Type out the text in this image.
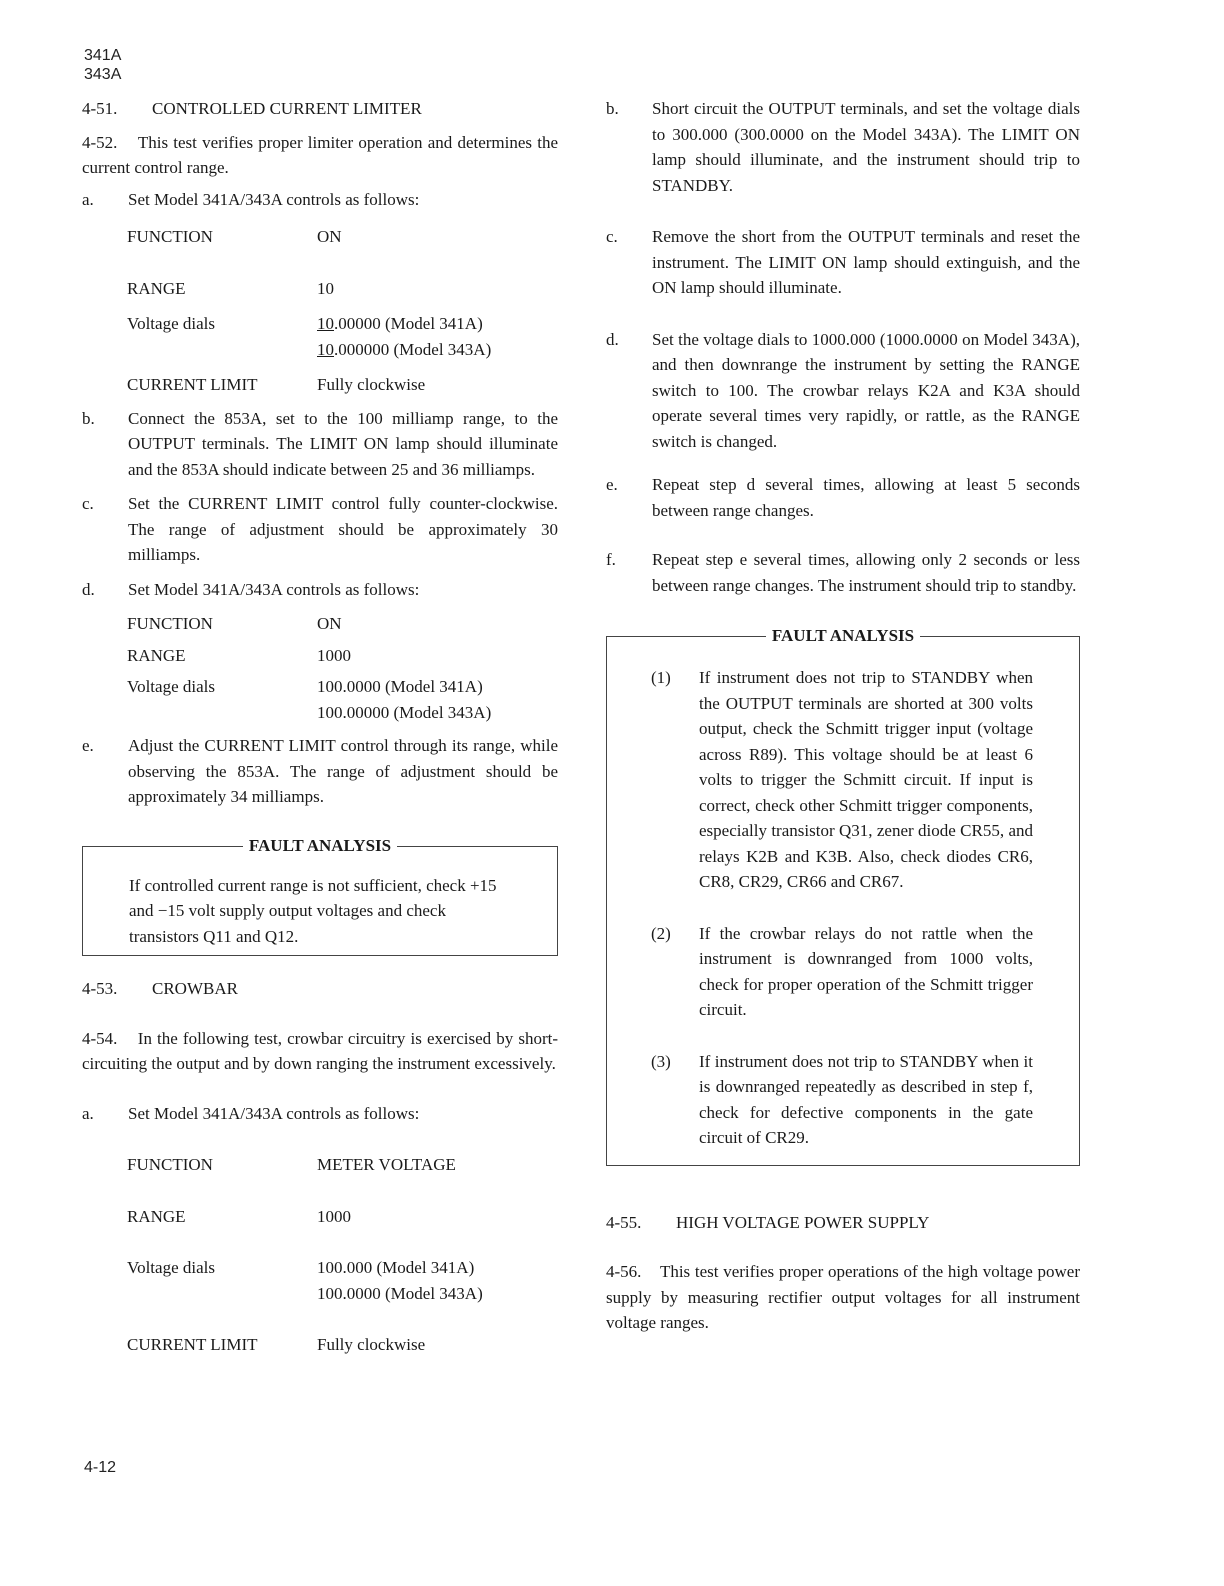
341A
343A
4-51.	CONTROLLED CURRENT LIMITER
4-52.    This test verifies proper limiter operation and determines the current control range.
a.	Set Model 341A/343A controls as follows:
FUNCTION	ON
RANGE	10
Voltage dials	10.00000 (Model 341A)
10.000000 (Model 343A)
CURRENT LIMIT	Fully clockwise
b.	Connect the 853A, set to the 100 milliamp range, to the OUTPUT terminals. The LIMIT ON lamp should illuminate and the 853A should indicate between 25 and 36 milliamps.
c.	Set the CURRENT LIMIT control fully counter-clockwise. The range of adjustment should be approximately 30 milliamps.
d.	Set Model 341A/343A controls as follows:
FUNCTION	ON
RANGE	1000
Voltage dials	100.0000 (Model 341A)
100.00000 (Model 343A)
e.	Adjust the CURRENT LIMIT control through its range, while observing the 853A. The range of adjustment should be approximately 34 milliamps.
FAULT ANALYSIS
If controlled current range is not sufficient, check +15 and −15 volt supply output voltages and check transistors Q11 and Q12.
4-53.	CROWBAR
4-54.    In the following test, crowbar circuitry is exercised by short-circuiting the output and by down ranging the instrument excessively.
a.	Set Model 341A/343A controls as follows:
FUNCTION	METER VOLTAGE
RANGE	1000
Voltage dials	100.000 (Model 341A)
100.0000 (Model 343A)
CURRENT LIMIT	Fully clockwise
b.	Short circuit the OUTPUT terminals, and set the voltage dials to 300.000 (300.0000 on the Model 343A). The LIMIT ON lamp should illuminate, and the instrument should trip to STANDBY.
c.	Remove the short from the OUTPUT terminals and reset the instrument. The LIMIT ON lamp should extinguish, and the ON lamp should illuminate.
d.	Set the voltage dials to 1000.000 (1000.0000 on Model 343A), and then downrange the instrument by setting the RANGE switch to 100. The crowbar relays K2A and K3A should operate several times very rapidly, or rattle, as the RANGE switch is changed.
e.	Repeat step d several times, allowing at least 5 seconds between range changes.
f.	Repeat step e several times, allowing only 2 seconds or less between range changes. The instrument should trip to standby.
FAULT ANALYSIS
(1)	If instrument does not trip to STANDBY when the OUTPUT terminals are shorted at 300 volts output, check the Schmitt trigger input (voltage across R89). This voltage should be at least 6 volts to trigger the Schmitt circuit. If input is correct, check other Schmitt trigger components, especially transistor Q31, zener diode CR55, and relays K2B and K3B. Also, check diodes CR6, CR8, CR29, CR66 and CR67.
(2)	If the crowbar relays do not rattle when the instrument is downranged from 1000 volts, check for proper operation of the Schmitt trigger circuit.
(3)	If instrument does not trip to STANDBY when it is downranged repeatedly as described in step f, check for defective components in the gate circuit of CR29.
4-55.	HIGH VOLTAGE POWER SUPPLY
4-56.    This test verifies proper operations of the high voltage power supply by measuring rectifier output voltages for all instrument voltage ranges.
4-12
